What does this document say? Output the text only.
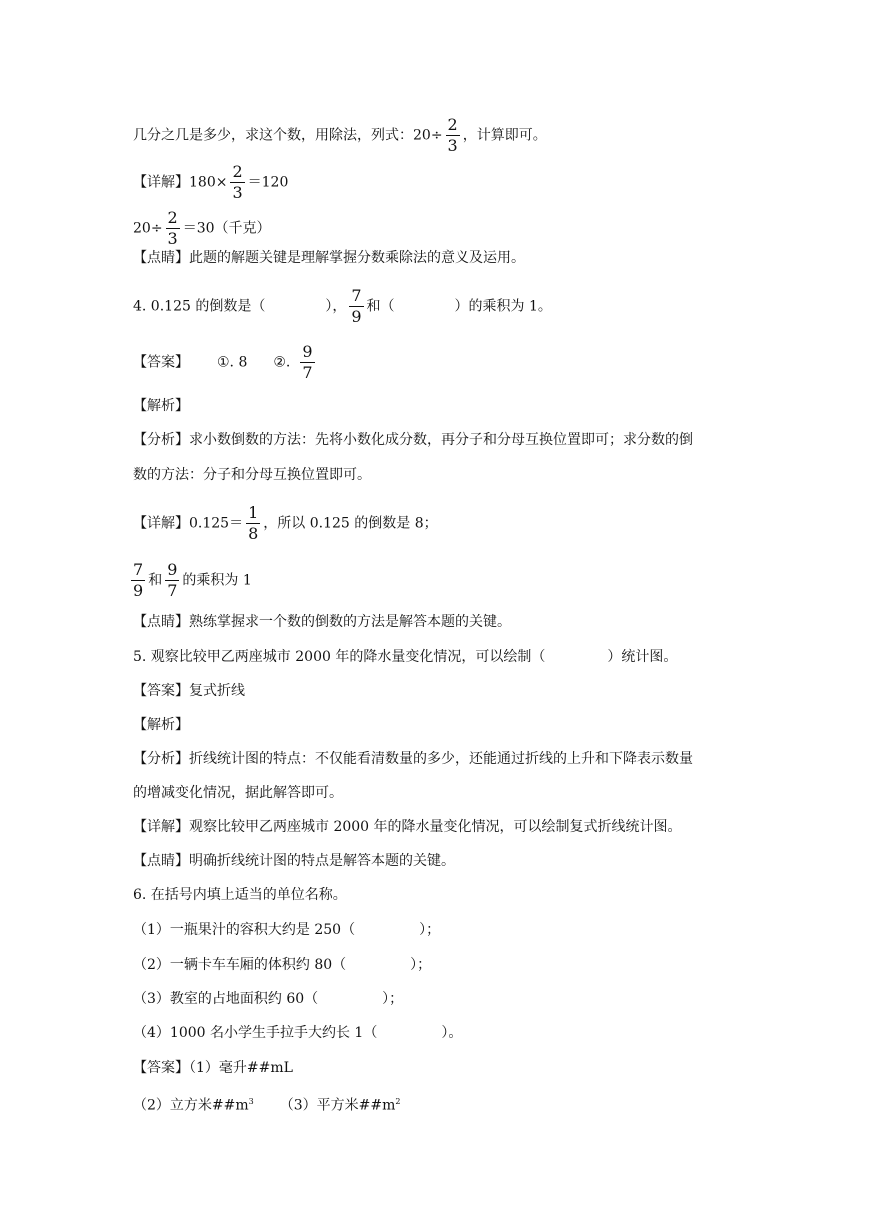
几分之几是多少，求这个数，用除法，列式：$20\div \frac{2}{3}$ ，计算即可。
【详解】$180\times \frac{2}{3} =120$
$20\div \frac{2}{3} =30$（千克）
【点睛】此题的解题关键是理解掌握分数乘除法的意义及运用。
4. 0.125 的倒数是（	）， $\frac{7}{9}$ 和（	）的乘积为 1。
【答案】 ①. 8 ②. $\frac{9}{7}$
【解析】
【分析】求小数倒数的方法：先将小数化成分数，再分子和分母互换位置即可；求分数的倒
数的方法：分子和分母互换位置即可。
【详解】$0.125= \frac{1}{8}$ ，所以 0.125 的倒数是 8；
$\frac{7}{9}$ 和 $\frac{9}{7}$ 的乘积为 1
【点睛】熟练掌握求一个数的倒数的方法是解答本题的关键。
5. 观察比较甲乙两座城市 2000 年的降水量变化情况，可以绘制（	）统计图。
【答案】复式折线
【解析】
【分析】折线统计图的特点：不仅能看清数量的多少，还能通过折线的上升和下降表示数量
的增减变化情况，据此解答即可。
【详解】观察比较甲乙两座城市 2000 年的降水量变化情况，可以绘制复式折线统计图。
【点睛】明确折线统计图的特点是解答本题的关键。
6. 在括号内填上适当的单位名称。
（1）一瓶果汁的容积大约是 250（	）；
（2）一辆卡车车厢的体积约 80（	）；
（3）教室的占地面积约 60（	）；
（4）1000 名小学生手拉手大约长 1（	）。
【答案】（1）毫升##mL
（2）立方米$\#\#m^3$ （3）平方米$\#\#m^2$
